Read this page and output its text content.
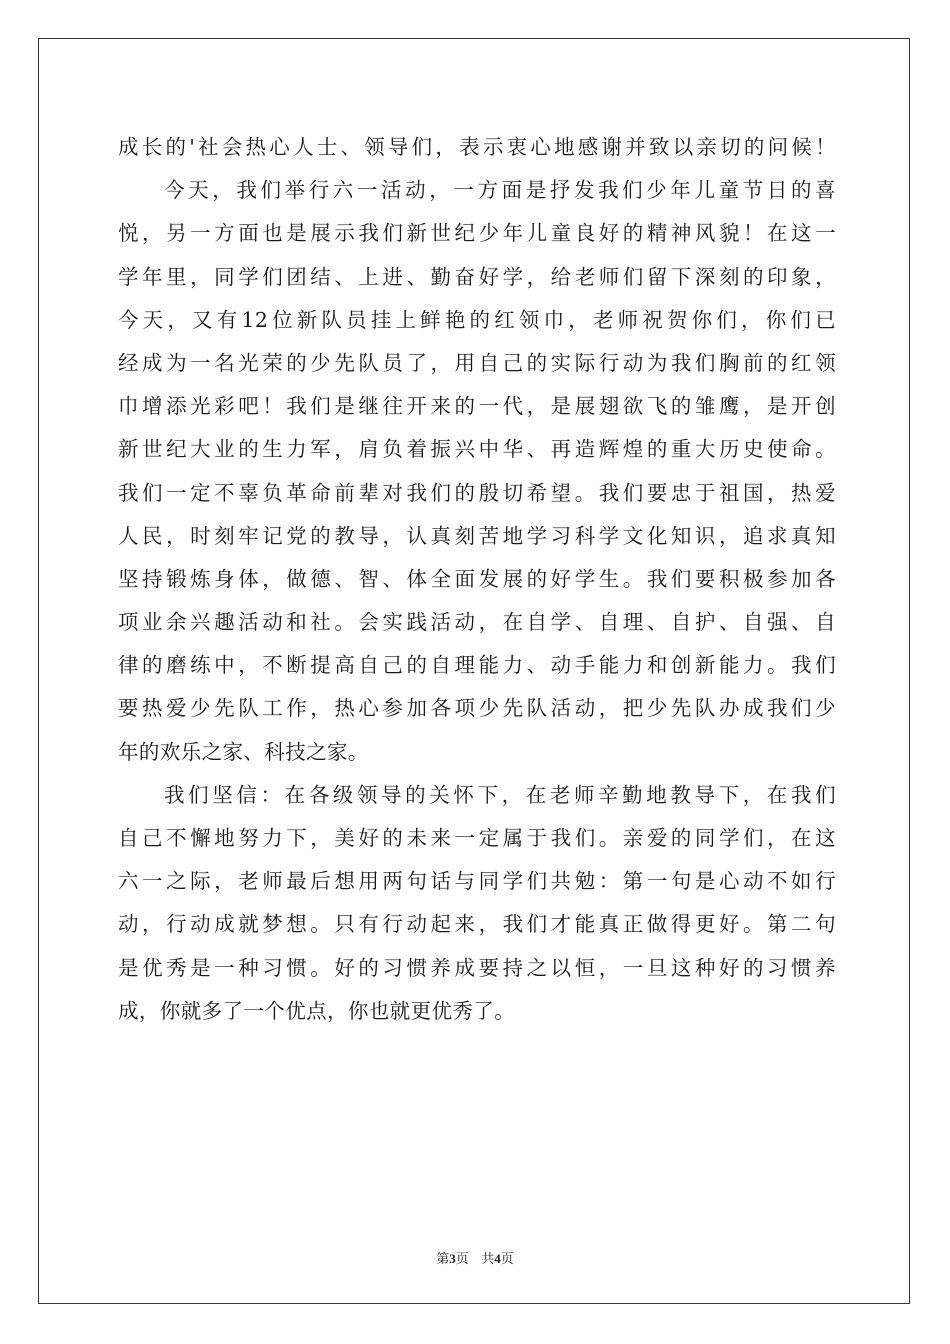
成长的'社会热心人士、领导们，表示衷心地感谢并致以亲切的问候！
今天，我们举行六一活动，一方面是抒发我们少年儿童节日的喜
悦，另一方面也是展示我们新世纪少年儿童良好的精神风貌！在这一
学年里，同学们团结、上进、勤奋好学，给老师们留下深刻的印象，
今天，又有12位新队员挂上鲜艳的红领巾，老师祝贺你们，你们已
经成为一名光荣的少先队员了，用自己的实际行动为我们胸前的红领
巾增添光彩吧！我们是继往开来的一代，是展翅欲飞的雏鹰，是开创
新世纪大业的生力军，肩负着振兴中华、再造辉煌的重大历史使命。
我们一定不辜负革命前辈对我们的殷切希望。我们要忠于祖国，热爱
人民，时刻牢记党的教导，认真刻苦地学习科学文化知识，追求真知
坚持锻炼身体，做德、智、体全面发展的好学生。我们要积极参加各
项业余兴趣活动和社。会实践活动，在自学、自理、自护、自强、自
律的磨练中，不断提高自己的自理能力、动手能力和创新能力。我们
要热爱少先队工作，热心参加各项少先队活动，把少先队办成我们少
年的欢乐之家、科技之家。
我们坚信：在各级领导的关怀下，在老师辛勤地教导下，在我们
自己不懈地努力下，美好的未来一定属于我们。亲爱的同学们，在这
六一之际，老师最后想用两句话与同学们共勉：第一句是心动不如行
动，行动成就梦想。只有行动起来，我们才能真正做得更好。第二句
是优秀是一种习惯。好的习惯养成要持之以恒，一旦这种好的习惯养
成，你就多了一个优点，你也就更优秀了。
第3页 共4页
